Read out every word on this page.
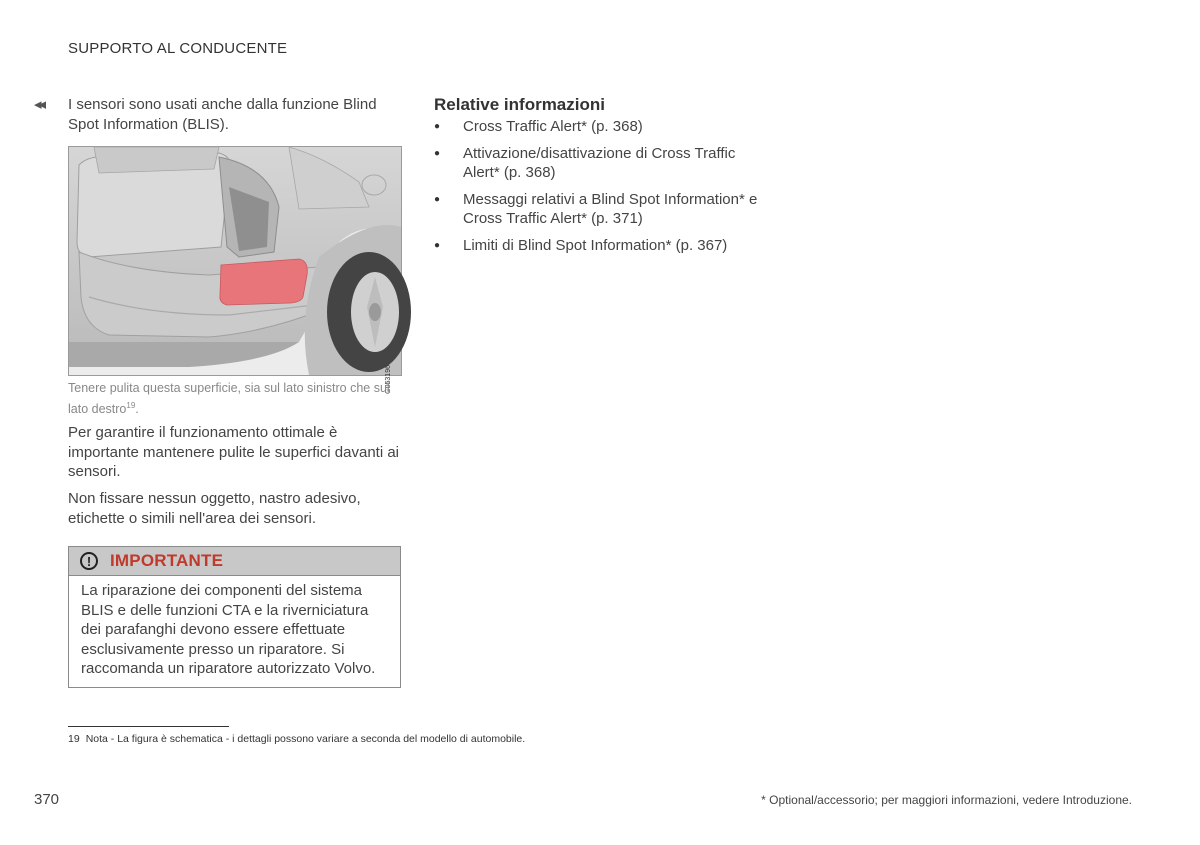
SUPPORTO AL CONDUCENTE
◂◂ I sensori sono usati anche dalla funzione Blind Spot Information (BLIS).
G053196
Tenere pulita questa superficie, sia sul lato sinistro che sul lato destro$^{19}$.

Per garantire il funzionamento ottimale è importante mantenere pulite le superfici davanti ai sensori.

Non fissare nessun oggetto, nastro adesivo, etichette o simili nell'area dei sensori.

!	IMPORTANTE
La riparazione dei componenti del sistema BLIS e delle funzioni CTA e la riverniciatura dei parafanghi devono essere effettuate esclusivamente presso un riparatore. Si raccomanda un riparatore autorizzato Volvo.
Relative informazioni
● Cross Traffic Alert* (p. 368)
● Attivazione/disattivazione di Cross Traffic Alert* (p. 368)
● Messaggi relativi a Blind Spot Information* e Cross Traffic Alert* (p. 371)
● Limiti di Blind Spot Information* (p. 367)
19 Nota - La figura è schematica - i dettagli possono variare a seconda del modello di automobile.
370	* Optional/accessorio; per maggiori informazioni, vedere Introduzione.
